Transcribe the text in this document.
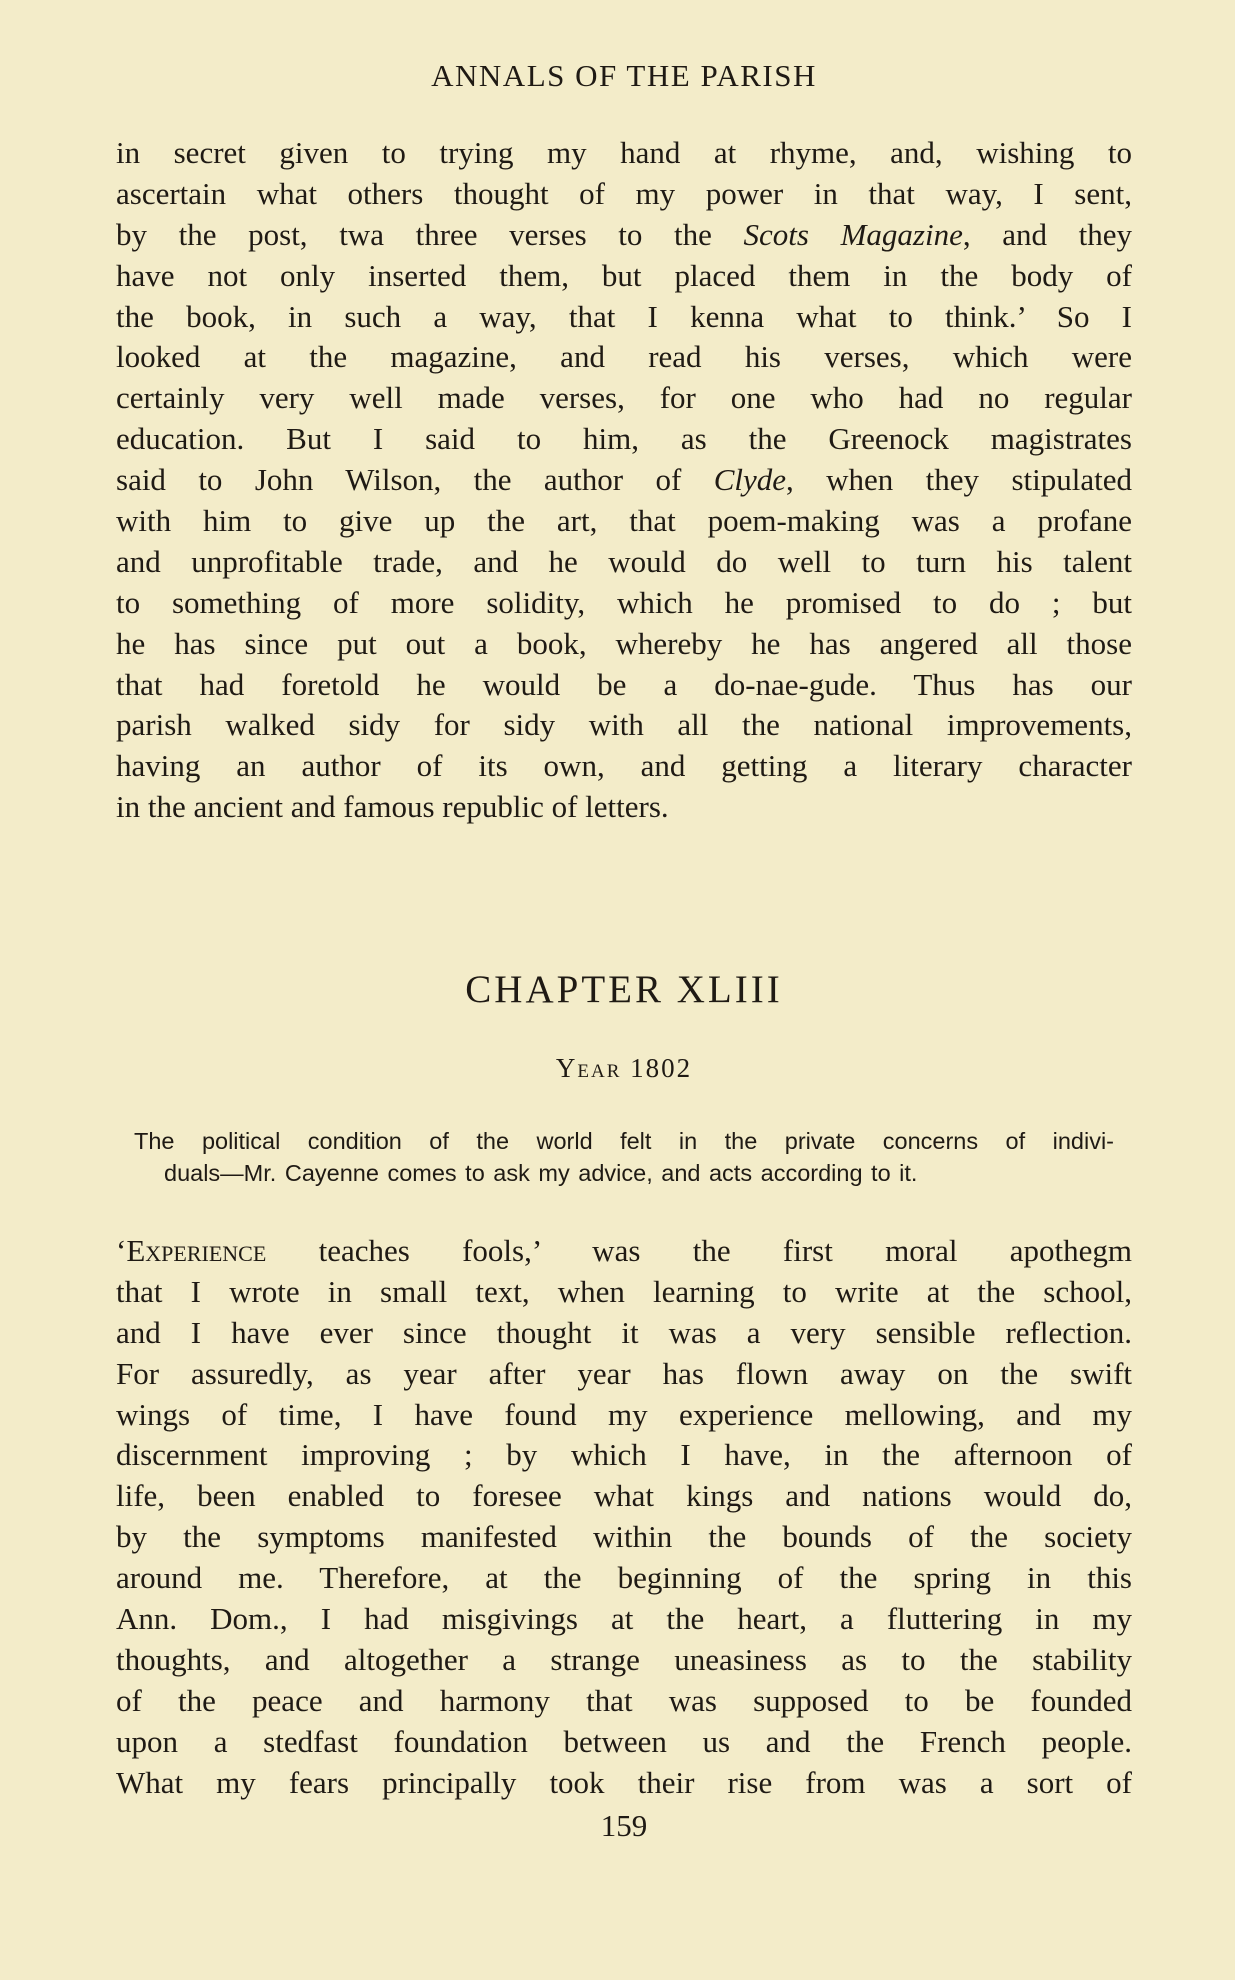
ANNALS OF THE PARISH
in secret given to trying my hand at rhyme, and, wishing to
ascertain what others thought of my power in that way, I sent,
by the post, twa three verses to the Scots Magazine, and they
have not only inserted them, but placed them in the body of
the book, in such a way, that I kenna what to think.’ So I
looked at the magazine, and read his verses, which were
certainly very well made verses, for one who had no regular
education. But I said to him, as the Greenock magistrates
said to John Wilson, the author of Clyde, when they stipulated
with him to give up the art, that poem-making was a profane
and unprofitable trade, and he would do well to turn his talent
to something of more solidity, which he promised to do ; but
he has since put out a book, whereby he has angered all those
that had foretold he would be a do-nae-gude. Thus has our
parish walked sidy for sidy with all the national improvements,
having an author of its own, and getting a literary character
in the ancient and famous republic of letters.
CHAPTER XLIII
Year 1802
The political condition of the world felt in the private concerns of indivi-
duals—Mr. Cayenne comes to ask my advice, and acts according to it.
‘Experience teaches fools,’ was the first moral apothegm
that I wrote in small text, when learning to write at the school,
and I have ever since thought it was a very sensible reflection.
For assuredly, as year after year has flown away on the swift
wings of time, I have found my experience mellowing, and my
discernment improving ; by which I have, in the afternoon of
life, been enabled to foresee what kings and nations would do,
by the symptoms manifested within the bounds of the society
around me. Therefore, at the beginning of the spring in this
Ann. Dom., I had misgivings at the heart, a fluttering in my
thoughts, and altogether a strange uneasiness as to the stability
of the peace and harmony that was supposed to be founded
upon a stedfast foundation between us and the French people.
What my fears principally took their rise from was a sort of
159
